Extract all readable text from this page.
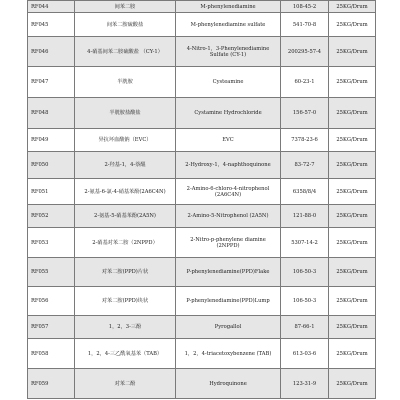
RF044	间苯二胺	M-phenylenediamine	108-45-2	25KG/Drum
RF045	间苯二胺硫酸盐	M-phenylenediamine sulfate	541-70-8	25KG/Drum
RF046	4-硝基间苯二胺硫酸盐 （CY-1）	4-Nitro-1，3-Phenylenediamine Sulfate (CY-1)	200295-57-4	25KG/Drum
RF047	半胱胺	Cysteamine	60-23-1	25KG/Drum
RF048	半胱胺盐酸盐	Cystamine Hydrochloride	156-57-0	25KG/Drum
RF049	异抗坏血酸钠（EVC）	EVC	7378-23-6	25KG/Drum
RF050	2-羟基-1，4-萘醌	2-Hydroxy-1，4-naphthoquinone	83-72-7	25KG/Drum
RF051	2-氨基-6-氯-4-硝基苯酚(2A6C4N)	2-Amino-6-chloro-4-nitrophenol (2A6C4N)	6358/8/4	25KG/Drum
RF052	2-氨基-5-硝基苯酚(2A5N)	2-Amino-5-Nitrophenol (2A5N)	121-88-0	25KG/Drum
RF053	2-硝基对苯二胺（2NPPD）	2-Nitro-p-phenylene diamine (2NPPD)	5307-14-2	25KG/Drum
RF055	对苯二胺(PPD)片状	P-phenylenediamine(PPD)Flake	106-50-3	25KG/Drum
RF056	对苯二胺(PPD)块状	P-phenylenediamine(PPD)Lump	106-50-3	25KG/Drum
RF057	1，2，3-三酚	Pyrogallol	87-66-1	25KG/Drum
RF058	1，2，4-三乙酰氧基苯（TAB）	1，2，4-triacetoxybenzene (TAB)	613-03-6	25KG/Drum
RF059	对苯二酚	Hydroquinone	123-31-9	25KG/Drum
